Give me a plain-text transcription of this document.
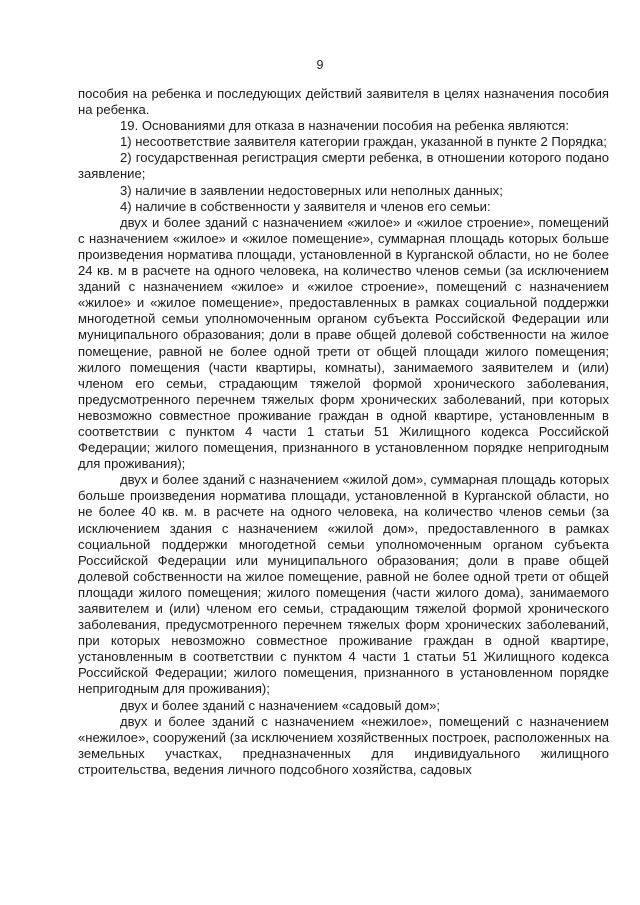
9

пособия на ребенка и последующих действий заявителя в целях назначения пособия на ребенка.

19. Основаниями для отказа в назначении пособия на ребенка являются:

1) несоответствие заявителя категории граждан, указанной в пункте 2 Порядка;

2) государственная регистрация смерти ребенка, в отношении которого подано заявление;

3) наличие в заявлении недостоверных или неполных данных;

4) наличие в собственности у заявителя и членов его семьи:

двух и более зданий с назначением «жилое» и «жилое строение», помещений с назначением «жилое» и «жилое помещение», суммарная площадь которых больше произведения норматива площади, установленной в Курганской области, но не более 24 кв. м в расчете на одного человека, на количество членов семьи (за исключением зданий с назначением «жилое» и «жилое строение», помещений с назначением «жилое» и «жилое помещение», предоставленных в рамках социальной поддержки многодетной семьи уполномоченным органом субъекта Российской Федерации или муниципального образования; доли в праве общей долевой собственности на жилое помещение, равной не более одной трети от общей площади жилого помещения; жилого помещения (части квартиры, комнаты), занимаемого заявителем и (или) членом его семьи, страдающим тяжелой формой хронического заболевания, предусмотренного перечнем тяжелых форм хронических заболеваний, при которых невозможно совместное проживание граждан в одной квартире, установленным в соответствии с пунктом 4 части 1 статьи 51 Жилищного кодекса Российской Федерации; жилого помещения, признанного в установленном порядке непригодным для проживания);

двух и более зданий с назначением «жилой дом», суммарная площадь которых больше произведения норматива площади, установленной в Курганской области, но не более 40 кв. м. в расчете на одного человека, на количество членов семьи (за исключением здания с назначением «жилой дом», предоставленного в рамках социальной поддержки многодетной семьи уполномоченным органом субъекта Российской Федерации или муниципального образования; доли в праве общей долевой собственности на жилое помещение, равной не более одной трети от общей площади жилого помещения; жилого помещения (части жилого дома), занимаемого заявителем и (или) членом его семьи, страдающим тяжелой формой хронического заболевания, предусмотренного перечнем тяжелых форм хронических заболеваний, при которых невозможно совместное проживание граждан в одной квартире, установленным в соответствии с пунктом 4 части 1 статьи 51 Жилищного кодекса Российской Федерации; жилого помещения, признанного в установленном порядке непригодным для проживания);

двух и более зданий с назначением «садовый дом»;

двух и более зданий с назначением «нежилое», помещений с назначением «нежилое», сооружений (за исключением хозяйственных построек, расположенных на земельных участках, предназначенных для индивидуального жилищного строительства, ведения личного подсобного хозяйства, садовых
